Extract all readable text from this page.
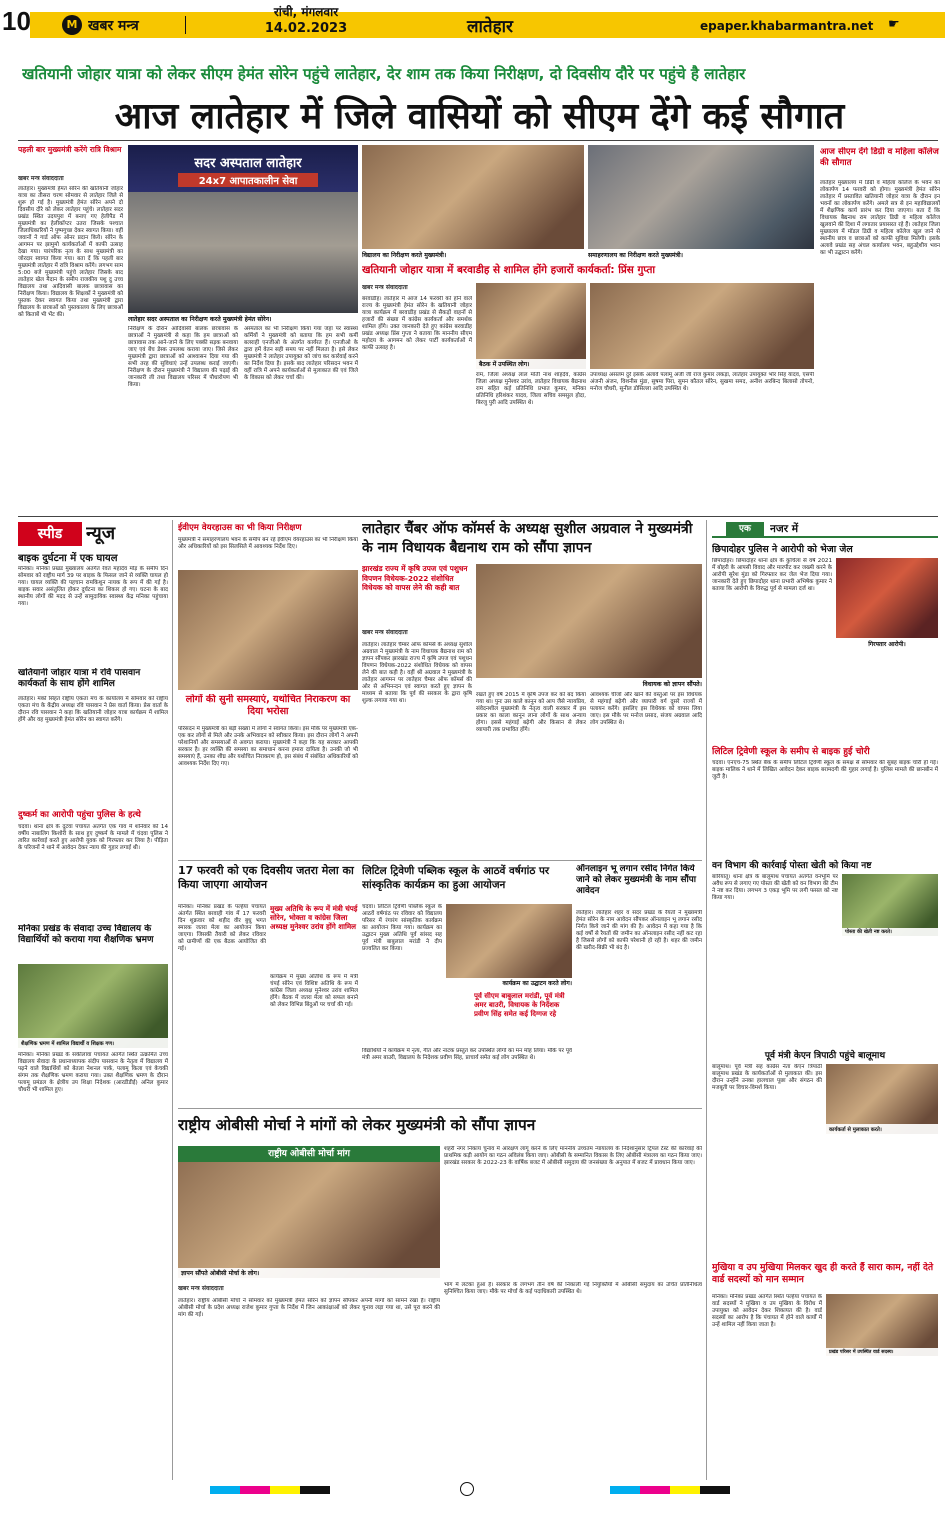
10	M खबर मन्त्र
रांची, मंगलवार
14.02.2023	लातेहार	epaper.khabarmantra.net	☛
खतियानी जोहार यात्रा को लेकर सीएम हेमंत सोरेन पहुंचे लातेहार, देर शाम तक किया निरीक्षण, दो दिवसीय दौरे पर पहुंचे है लातेहार
आज लातेहार में जिले वासियों को सीएम देंगे कई सौगात
पहली बार मुख्यमंत्री करेंगे रात्रि विश्राम
खबर मन्त्र संवाददाता
लातेहार। मुख्यमंत्री हेमंत सोरेन की खतियानी जोहार यात्रा का तीसरा चरण सोमवार से लातेहार जिले से शुरू हो गई है। मुख्यमंत्री हेमंत सोरेन अपने दो दिवसीय दौरे को लेकर लातेहार पहुंचे। लातेहार सदर प्रखंड स्थित उदयपुरा में बनाए गए हेलीपैड में मुख्यमंत्री का हेलीकॉप्टर उतरा जिसके पश्चात जिलाधिकारियों ने पुष्पगुच्छ देकर स्वागत किया। वहीं जवानों ने गार्ड ऑफ ऑनर प्रदान किये। सोरेन के आगमन पर झामुमो कार्यकर्ताओं में काफी उत्साह देखा गया। पारंपरिक नृत्य के साथ मुख्यमंत्री का जोरदार स्वागत किया गया। बता दें कि पहली बार मुख्यमंत्री लातेहार में रात्रि विश्राम करेंगे। लगभग साम 5:00 बजे मुख्यमंत्री पहुंचे लातेहार जिसके बाद लातेहार खेल मैदान के समीप राजकीय पशु दु उच्च विद्यालय तथा आदिवासी बालक छात्रावास का निरीक्षण किया। विद्यालय के शिक्षकों ने मुख्यमंत्री को पुस्तक देकर स्वागत किया तथा मुख्यमंत्री द्वारा विद्यालय के छात्राओं को पुस्तकालय के लिए छात्राओं को किताबें भी भेंट की।
सदर अस्पताल लातेहार
24x7 आपातकालीन सेवा
लातेहार सदर अस्पताल का निरीक्षण करते मुख्यमंत्री हेमंत सोरेन।
निरीक्षण के दौरान आदिवासी बालक छात्रावास के छात्राओं ने मुख्यमंत्री से कहा कि हम छात्राओं को छात्रावास तक आने-जाने के लिए पक्की सड़क बनवाया जाए एवं बेंच डेस्क उपलब्ध कराया जाए। जिसे लेकर मुख्यमंत्री द्वारा छात्राओं को आश्वासन दिया गया की सभी तरह की सुविधाएं उन्हें उपलब्ध कराई जाएगी। निरीक्षण के दौरान मुख्यमंत्री ने विद्यालय की पढ़ाई की जानकारी ली तथा विद्यालय परिसर में पौधारोपण भी किया।
अस्पताल का भी निरीक्षण किया गया जहां पर स्वास्थ्य कर्मियों ने मुख्यमंत्री को बताया कि हम सभी कर्मी बलराही एनजीओ के अंतर्गत कार्यरत हैं। एनजीओ के द्वारा हमें वेतन सही समय पर नहीं मिलता है। इसे लेकर मुख्यमंत्री ने लातेहार उपायुक्त को जांच कर कार्रवाई करने का निर्देश दिया है। इसके बाद लातेहार परिसदन भवन में वहीं रात्रि में अपने कार्यकर्ताओं से मुलाकात की एवं जिले के विकास को लेकर चर्चा की।
विद्यालय का निरीक्षण करते मुख्यमंत्री।	समाहरणालय का निरीक्षण करते मुख्यमंत्री।
आज सीएम देंगे डिग्री व महिला कॉलेज की सौगात
लातेहार मुख्यालय में डिग्री व महिला कॉलेज के भवन का लोकार्पण 14 फरवरी को होगा। मुख्यमंत्री हेमंत सोरेन लातेहार में प्रस्तावित खतियानी जोहार यात्रा के दौरान इन भवनों का लोकार्पण करेंगे। अमले सत्र से इन महाविद्यालयों में शैक्षणिक कार्य प्रारंभ कर दिया जाएगा। बता दें कि विधायक बैद्यनाथ राम लातेहार डिग्री व महिला कॉलेज खुलवाने की दिशा में लगातार प्रयासरत रहे हैं। लातेहार जिला मुख्यालय में मॉडल डिग्री व महिला कॉलेज खुल जाने से स्थानीय छात्र व छात्राओं को काफी सुविधा मिलेगी। इसके अलावे प्रखंड सह अंचल कार्यालय भवन, बहुउद्देशीय भवन का भी उद्घाटन करेंगे।
खतियानी जोहार यात्रा में बरवाडीह से शामिल होंगे हजारों कार्यकर्ता: प्रिंस गुप्ता
खबर मन्त्र संवाददाता
बरवाडीह। लातेहार में आज 14 फरवरी को होने वाले राज्य के मुख्यमंत्री हेमंत सोरेन के खतियानी जोहार यात्रा कार्यक्रम में बरवाडीह प्रखंड से सैकड़ों वाहनों से हजारों की संख्या में कांग्रेस कार्यकर्ता और समर्थक शामिल होंगे। उक्त जानकारी देते हुए कांग्रेस बरवाडीह प्रखंड अध्यक्ष प्रिंस गुप्ता ने बताया कि माननीय सीएम महोदय के आगमन को लेकर पार्टी कार्यकर्ताओं में काफी उत्साह है।
बैठक में उपस्थित लोग।
राम, जिला अध्यक्ष लाल मोती नाथ शाहदेव, कांग्रेस जिला अध्यक्ष मुनेश्वर उरांव, लातेहार विधायक बैद्यनाथ राम सहित कई प्रतिनिधि प्रभात कुमार, मनिका प्रतिनिधि हरिशंकर यादव, जिला सचिव समसुल होदा, बिरजु पुरी आदि उपस्थित थे।
उपाध्यक्ष असलम दुर्र इसके अलावे पलामू अर्जी जी राज कुमार लकड़ा, लातेहार उपायुक्त भोर सिंह यादव, एसपी अंजनी अंजन, विशनीस मुंडा, सुषमा पिरा, सुमन कौतल सोरेन, सुखमा समद, अनीश अरबिन्द बिलासो तोपनो, मनोज चौधरी, सुनील डोसिल्ला आदि उपस्थित थे।
स्पीड	न्यूज
बाइक दुर्घटना में एक घायल
मनिका। मनिका प्रखंड मुख्यालय अंतर्गत रेवत महादेव मोड़ के समीप दिन सोमवार को राष्ट्रीय मार्ग 39 पर बाइक के फिसल जाने से व्यक्ति घायल हो गया। घायल व्यक्ति की पहचान रामकिशुन नायक के रूप में की गई है। बाइक सवार असंतुलित होकर दुर्घटना का शिकार हो गए। घटना के बाद स्थानीय लोगों की मदद से उन्हें सामुदायिक स्वास्थ्य केंद्र मनिका पहुंचाया गया।
खतियानी जोहार यात्रा में रवि पासवान कार्यकर्ता के साथ होंगे शामिल
लातेहार। मको सिहत राष्ट्रीय एकता मंच के कार्यालय में सोमवार को राष्ट्रीय एकता मंच के केंद्रीय अध्यक्ष रवि पासवान ने प्रेस वार्ता किया। प्रेस वार्ता के दौरान रवि पासवान ने कहा कि खतियानी जोहार यात्रा कार्यक्रम में शामिल होंगे और वह मुख्यमंत्री हेमंत सोरेन का स्वागत करेंगे।
दुष्कर्म का आरोपी पहुंचा पुलिस के हत्थे
चंदवा। थाना क्षेत्र के दुटवा पंचायत अंतर्गत एक गांव में शनिवार को 14 वर्षीय नाबालिग किशोरी के साथ हुए दुष्कर्म के मामले में चंदवा पुलिस ने त्वरित कार्रवाई करते हुए आरोपी युवक को गिरफ्तार कर लिया है। पीड़िता के परिजनों ने थाने में आवेदन देकर न्याय की गुहार लगाई थी।
मनिका प्रखंड के सेवादा उच्च विद्यालय के विद्यार्थियों को कराया गया शैक्षणिक भ्रमण
शैक्षणिक भ्रमण में शामिल विद्यार्थी व शिक्षक गण।
मनिका। मनिका प्रखंड के संकीलावा पंचायत अंतर्गत स्थित उत्क्रमित उच्च विद्यालय सेवादा के प्रधानाध्यापक संदीप पासवान के नेतृत्व में विद्यालय में पढ़ने वाले विद्यार्थियों को बेतला नेशनल पार्क, पलामू किला एवं केचकी संगम तक शैक्षणिक भ्रमण कराया गया। उक्त शैक्षणिक भ्रमण के दौरान पलामू प्रमंडल के क्षेत्रीय उप शिक्षा निदेशक (आरडीडीई) अनिल कुमार चौधरी भी शामिल हुए।
ईवीएम वेयरहाउस का भी किया निरीक्षण
मुख्यमंत्री ने समाहरणालय भवन के समीप बन रहे ईवीएम वेयरहाउस का भी निरीक्षण किया और अधिकारियों को इस सिलसिले में आवश्यक निर्देश दिए।
लोगों की सुनी समस्याएं, यथोचित निराकरण का दिया भरोसा
परिसदन में मुख्यमंत्री का बड़ी संख्या में लोगों ने स्वागत किया। इस मौके पर मुख्यमंत्री एक-एक कर लोगों से मिले और उनके अभिवादन को स्वीकार किया। इस दौरान लोगों ने अपनी परेशानियों और समस्याओं से अवगत कराया। मुख्यमंत्री ने कहा कि यह सरकार आपकी सरकार है। हर व्यक्ति की समस्या का समाधान करना हमारा दायित्व है। उनकी जो भी समस्याएं हैं, उनका शीघ्र और यथोचित निराकरण हो, इस संबंध में संबंधित अधिकारियों को आवश्यक निर्देश दिए गए।
लातेहार चैंबर ऑफ कॉमर्स के अध्यक्ष सुशील अग्रवाल ने मुख्यमंत्री के नाम विधायक बैद्यनाथ राम को सौंपा ज्ञापन
झारखंड राज्य में कृषि उपज एवं पशुधन विपणन विधेयक-2022 संशोधित विधेयक को वापस लेने की कही बात
खबर मन्त्र संवाददाता
लातेहार। लातेहार चैम्बर ऑफ कॉमर्स के अध्यक्ष सुशील अग्रवाल ने मुख्यमंत्री के नाम विधायक बैद्यनाथ राम को ज्ञापन सौंपकर झारखंड राज्य में कृषि उपज एवं पशुधन विपणन विधेयक-2022 संशोधित विधेयक को वापस लेने की बात कही है। वहीं श्री अग्रवाल ने मुख्यमंत्री के लातेहार आगमन पर लातेहार चैम्बर ऑफ कॉमर्स की ओर से अभिनन्दन एवं स्वागत करते हुए ज्ञापन के माध्यम से बताया कि पूर्व की सरकार के द्वारा कृषि शुल्क लगाया गया था।
विधायक को ज्ञापन सौंपते।
रखते हुए वर्ष 2015 में कृषि उपज कर को बंद किया गया था। पुनः उस काले कानून को आप जैसे न्यायप्रिय, संवेदनशील मुख्यमंत्री के नेतृत्व वाली सरकार में इस प्रकार का काला कानून लाना लोगों के साथ अन्याय होगा। इससे महंगाई बढ़ेगी और किसान से लेकर व्यापारी तक प्रभावित होंगे।
आवश्यक चीजों और खाने की वस्तुओं पर इस विधेयक से महंगाई बढ़ेगी और व्यापारी वर्ग दूसरे राज्यों में पलायन करेंगे। इसलिए इस विधेयक को वापस लिया जाए। इस मौके पर मनोज प्रसाद, संजय अग्रवाल आदि लोग उपस्थित थे।
एक	नजर में
छिपादोहर पुलिस ने आरोपी को भेजा जेल
छिपादोहर। छिपादोहर थाना क्षेत्र के कुचिला से वर्ष 2021 में बोहरी के आपसी विवाद और मारपीट कर जख्मी करने के आरोपी सुरेश मुंडा को गिरफ्तार कर जेल भेज दिया गया। जानकारी देते हुए छिपादोहर थाना प्रभारी अभिषेक कुमार ने बताया कि आरोपी के विरुद्ध पूर्व से मामला दर्ज था।
गिरफ्तार आरोपी।
लिटिल ट्रिवेणी स्कूल के समीप से बाइक हुई चोरी
चंदवा। एनएच-75 स्थित बैंक के समीप लिटिल ट्रिवेणी स्कूल के समक्ष से सोमवार की सुबह बाइक चोरी हो गई। बाइक मालिक ने थाने में लिखित आवेदन देकर बाइक बरामदगी की गुहार लगाई है। पुलिस मामले की छानबीन में जुटी है।
वन विभाग की कार्रवाई पोस्ता खेती को किया नष्ट
बारियातू। थाना क्षेत्र के बालूमाथ पंचायत अंतर्गत वनभूमि पर अवैध रूप से लगाए गए पोस्ता की खेती को वन विभाग की टीम ने नष्ट कर दिया। लगभग 3 एकड़ भूमि पर लगी फसल को नष्ट किया गया।
पोस्ता की खेती नष्ट करते।
पूर्व मंत्री केएन त्रिपाठी पहुंचे बालूमाथ
बालूमाथ। पूर्व मंत्री सह कांग्रेस नेता केएन त्रिपाठी बालूमाथ प्रखंड के कार्यकर्ताओं से मुलाकात की। इस दौरान उन्होंने उनका हालचाल पूछा और संगठन की मजबूती पर विचार-विमर्श किया।
कार्यकर्ता से मुलाकात करते।
मुखिया व उप मुखिया मिलकर खुद ही करते हैं सारा काम, नहीं देते वार्ड सदस्यों को मान सम्मान
मनिका। मनिका प्रखंड अंतर्गत स्थित पल्हेया पंचायत के वार्ड सदस्यों ने मुखिया व उप मुखिया के विरोध में उपायुक्त को आवेदन देकर शिकायत की है। वार्ड सदस्यों का आरोप है कि पंचायत में होने वाले कार्यों में उन्हें शामिल नहीं किया जाता है।
प्रखंड परिसर में उपस्थित वार्ड सदस्य।
17 फरवरी को एक दिवसीय जतरा मेला का किया जाएगा आयोजन
मनिका। मनिका प्रखंड के पल्हेया पंचायत अंतर्गत स्थित बरवाही गांव में 17 फरवरी दिन शुक्रवार को शहीद वीर बुधु भगत स्मारक जतरा मेला का आयोजन किया जाएगा। जिसकी तैयारी को लेकर रविवार को ग्रामीणों की एक बैठक आयोजित की गई।
मुख्य अतिथि के रूप में मंत्री चंपई सोरेन, भोक्ता व कांग्रेस जिला अध्यक्ष मुनेश्वर उरांव होंगे शामिल
कार्यक्रम में मुख्य अतिथि के रूप में मंत्री चंपई सोरेन एवं विशिष्ट अतिथि के रूप में कांग्रेस जिला अध्यक्ष मुनेश्वर उरांव शामिल होंगे। बैठक में जतरा मेला को सफल बनाने को लेकर विभिन्न बिंदुओं पर चर्चा की गई।
लिटिल ट्रिवेणी पब्लिक स्कूल के आठवें वर्षगांठ पर सांस्कृतिक कार्यक्रम का हुआ आयोजन
चंदवा। लिटिल ट्रिवेणी पब्लिक स्कूल के आठवें वर्षगांठ पर रविवार को विद्यालय परिसर में रंगारंग सांस्कृतिक कार्यक्रम का आयोजन किया गया। कार्यक्रम का उद्घाटन मुख्य अतिथि पूर्व सांसद सह पूर्व मंत्री बाबुलाल मरांडी ने दीप प्रज्वलित कर किया।
कार्यक्रम का उद्घाटन करते लोग।
पूर्व सीएम बाबुलाल मरांडी, पूर्व मंत्री अमर बाउरी, विधायक के निर्देशक प्रवीण सिंह समेत कई दिग्गज रहे
विद्यार्थियों ने कार्यक्रम में नृत्य, गीत और नाटक प्रस्तुत कर उपस्थित लोगों का मन मोह लिया। मौके पर पूर्व मंत्री अमर बाउरी, विद्यालय के निदेशक प्रवीण सिंह, प्राचार्य समेत कई लोग उपस्थित थे।
ऑनलाइन भू लगान रसीद निर्गत किये जाने को लेकर मुख्यमंत्री के नाम सौंपा आवेदन
लातेहार। लातेहार शहर व सदर प्रखंड के रैयतों ने मुख्यमंत्री हेमंत सोरेन के नाम आवेदन सौंपकर ऑनलाइन भू लगान रसीद निर्गत किये जाने की मांग की है। आवेदन में कहा गया है कि कई वर्षों से रैयतों की जमीन का ऑनलाइन रसीद नहीं कट रहा है जिससे लोगों को काफी परेशानी हो रही है। शहर की जमीन की खरीद-बिक्री भी बंद है।
राष्ट्रीय ओबीसी मोर्चा ने मांगों को लेकर मुख्यमंत्री को सौंपा ज्ञापन
राष्ट्रीय ओबीसी मोर्चा मांग
ज्ञापन सौंपते ओबीसी मोर्चा के लोग।
शहरी नगर निकाय चुनाव में आरक्षण लागू करने के लिए माननीय उच्चतम न्यायालय के निर्देशानुसार ट्रिपल टेस्ट की कार्रवाई की प्राथमिक कड़ी आयोग का गठन अविलंब किया जाए। ओबीसी के सम्मानित विकास के लिए ओबीसी मंत्रालय का गठन किया जाए। झारखंड सरकार के 2022-23 के वार्षिक बजट में ओबीसी समुदाय की जनसंख्या के अनुपात में बजट में प्रावधान किया जाए।
खबर मन्त्र संवाददाता
लातेहार। राष्ट्रीय ओबीसी मोर्चा ने सोमवार को मुख्यमंत्री हेमंत सोरेन को ज्ञापन सौंपकर अपनी मांगों को सामने रखा है। राष्ट्रीय ओबीसी मोर्चा के प्रदेश अध्यक्ष राजेश कुमार गुप्ता के निर्देश में जिन आकांक्षाओं को लेकर चुनाव लड़ा गया था, उसे पूरा करने की मांग की गई।
भाग में लटका हुआ है। सरकार के लगभग तीन वर्ष की निकाली गई नियुक्तियों में ओबीसी समुदाय का उचित प्रतिनिधित्व सुनिश्चित किया जाए। मौके पर मोर्चा के कई पदाधिकारी उपस्थित थे।
